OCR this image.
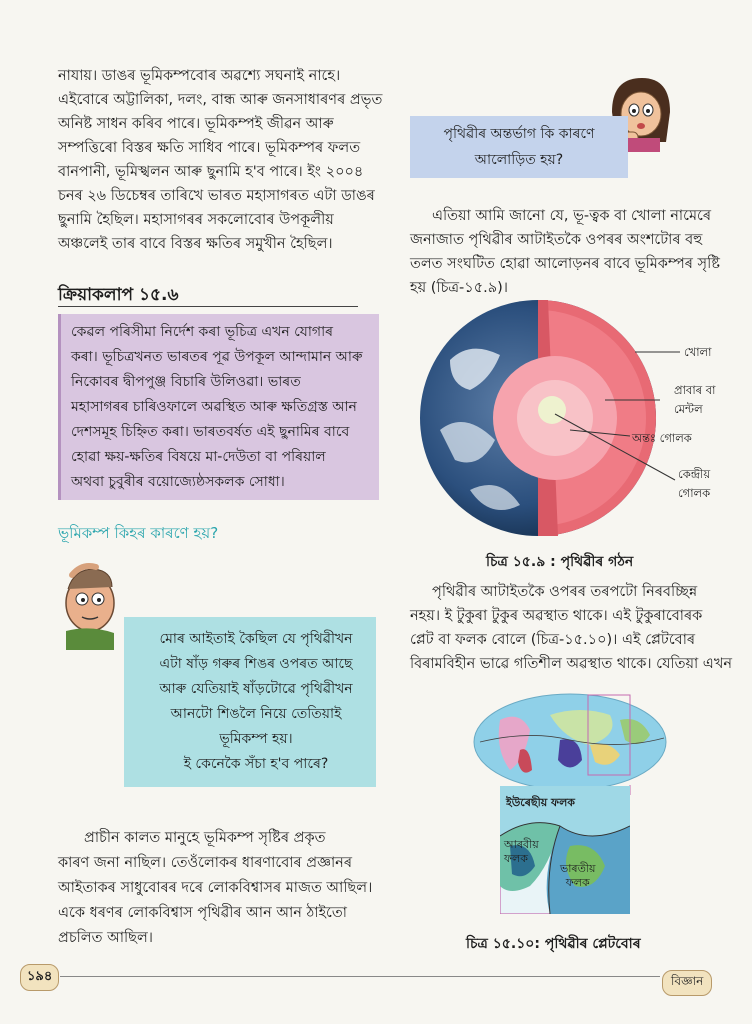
নাযায়। ডাঙৰ ভূমিকম্পবোৰ অৱশ্যে সঘনাই নাহে।
এইবোৰে অট্টালিকা, দলং, বান্ধ আৰু জনসাধাৰণৰ প্ৰভৃত
অনিষ্ট সাধন কৰিব পাৰে। ভূমিকম্পই জীৱন আৰু
সম্পত্তিৰো বিস্তৰ ক্ষতি সাধিব পাৰে। ভূমিকম্পৰ ফলত
বানপানী, ভূমিস্খলন আৰু ছুনামি হ'ব পাৰে। ইং ২০০৪
চনৰ ২৬ ডিচেম্বৰ তাৰিখে ভাৰত মহাসাগৰত এটা ডাঙৰ
ছুনামি হৈছিল। মহাসাগৰৰ সকলোবোৰ উপকূলীয়
অঞ্চলেই তাৰ বাবে বিস্তৰ ক্ষতিৰ সমুখীন হৈছিল।
ক্ৰিয়াকলাপ ১৫.৬
কেৱল পৰিসীমা নিৰ্দেশ কৰা ভূচিত্ৰ এখন যোগাৰ
কৰা। ভূচিত্ৰখনত ভাৰতৰ পূৱ উপকূল আন্দামান আৰু
নিকোবৰ দ্বীপপুঞ্জ বিচাৰি উলিওৱা। ভাৰত
মহাসাগৰৰ চাৰিওফালে অৱস্থিত আৰু ক্ষতিগ্ৰস্ত আন
দেশসমূহ চিহ্নিত কৰা। ভাৰতবৰ্ষত এই ছুনামিৰ বাবে
হোৱা ক্ষয়-ক্ষতিৰ বিষয়ে মা-দেউতা বা পৰিয়াল
অথবা চুবুৰীৰ বয়োজ্যেষ্ঠসকলক সোধা।
ভূমিকম্প কিহৰ কাৰণে হয়?
মোৰ আইতাই কৈছিল যে পৃথিৱীখন
এটা ষাঁড় গৰুৰ শিঙৰ ওপৰত আছে
আৰু যেতিয়াই ষাঁড়টোৱে পৃথিৱীখন
আনটো শিঙলৈ নিয়ে তেতিয়াই
ভূমিকম্প হয়।
ই কেনেকৈ সঁচা হ'ব পাৰে?
প্ৰাচীন কালত মানুহে ভূমিকম্প সৃষ্টিৰ প্ৰকৃত
কাৰণ জনা নাছিল। তেওঁলোকৰ ধাৰণাবোৰ প্ৰজ্ঞানৰ
আইতাকৰ সাধুবোৰৰ দৰে লোকবিশ্বাসৰ মাজত আছিল।
একে ধৰণৰ লোকবিশ্বাস পৃথিৱীৰ আন আন ঠাইতো
প্ৰচলিত আছিল।
পৃথিৱীৰ অন্তৰ্ভাগ কি কাৰণে
আলোড়িত হয়?
এতিয়া আমি জানো যে, ভূ-ত্বক বা খোলা নামেৰে
জনাজাত পৃথিৱীৰ আটাইতকৈ ওপৰৰ অংশটোৰ বহু
তলত সংঘটিত হোৱা আলোড়নৰ বাবে ভূমিকম্পৰ সৃষ্টি
হয় (চিত্ৰ-১৫.৯)।
খোলা
প্ৰাবাৰ বা
মেন্টল
অন্তঃ গোলক
কেন্দ্ৰীয়
গোলক
চিত্ৰ ১৫.৯ : পৃথিৱীৰ গঠন
পৃথিৱীৰ আটাইতকৈ ওপৰৰ তৰপটো নিৰবচ্ছিন্ন
নহয়। ই টুকুৰা টুকুৰ অৱস্থাত থাকে। এই টুকুৰাবোৰক
প্লেট বা ফলক বোলে (চিত্ৰ-১৫.১০)। এই প্লেটবোৰ
বিৰামবিহীন ভাৱে গতিশীল অৱস্থাত থাকে। যেতিয়া এখন
ইউৰেছীয় ফলক
আৰবীয়
ফলক
ভাৰতীয়
ফলক
চিত্ৰ ১৫.১০: পৃথিৱীৰ প্লেটবোৰ
১৯৪	বিজ্ঞান
